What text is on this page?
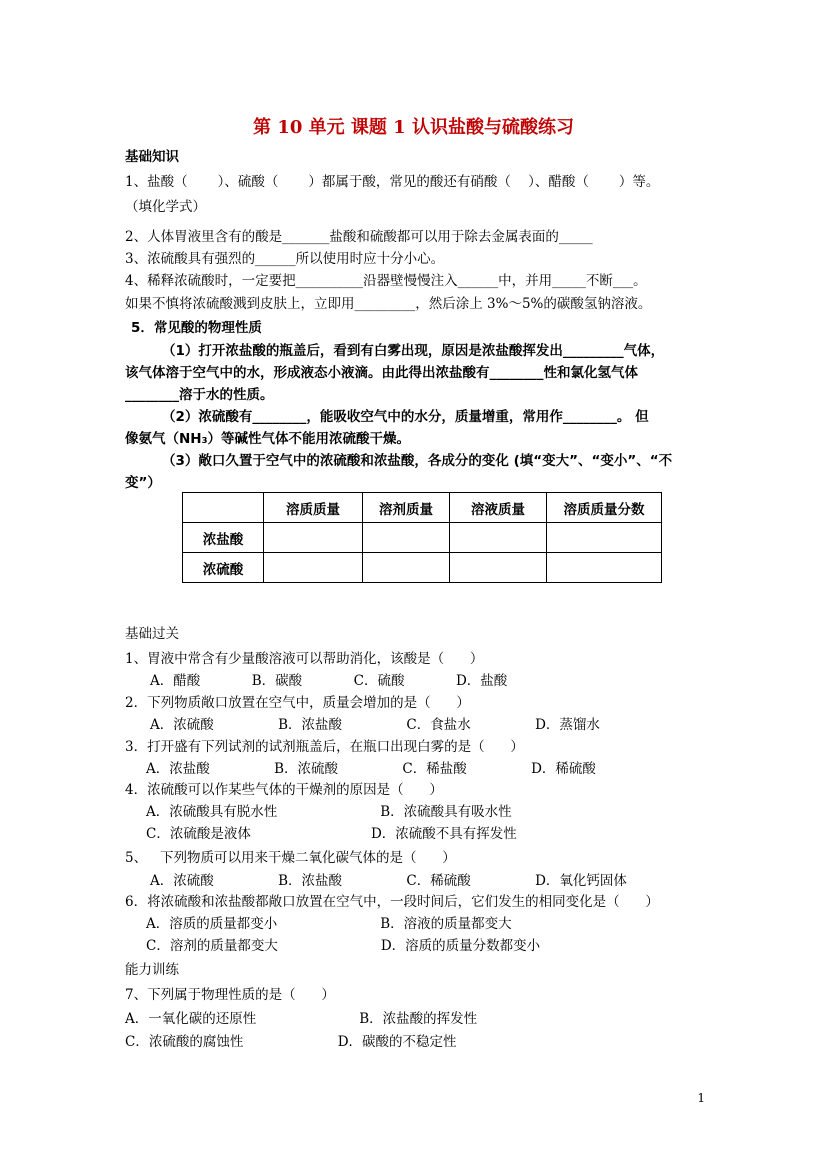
第 10 单元 课题 1 认识盐酸与硫酸练习
基础知识
1、盐酸（       ）、硫酸（       ）都属于酸，常见的酸还有硝酸（    ）、醋酸（       ）等。
（填化学式）
2、人体胃液里含有的酸是_______盐酸和硫酸都可以用于除去金属表面的_____
3、浓硫酸具有强烈的______所以使用时应十分小心。
4、稀释浓硫酸时，一定要把__________沿器壁慢慢注入______中，并用_____不断___。
如果不慎将浓硫酸溅到皮肤上，立即用_________，然后涂上 3%～5%的碳酸氢钠溶液。
5．常见酸的物理性质
（1）打开浓盐酸的瓶盖后，看到有白雾出现，原因是浓盐酸挥发出_________气体，
该气体溶于空气中的水，形成液态小液滴。由此得出浓盐酸有________性和氯化氢气体
________溶于水的性质。
（2）浓硫酸有________，能吸收空气中的水分，质量增重，常用作________。 但
像氨气（NH₃）等碱性气体不能用浓硫酸干燥。
（3）敞口久置于空气中的浓硫酸和浓盐酸，各成分的变化 (填“变大”、“变小”、“不
变”）
	溶质质量	溶剂质量	溶液质量	溶质质量分数
浓盐酸				
浓硫酸				
基础过关
1、胃液中常含有少量酸溶液可以帮助消化，该酸是（      ）
A．醋酸            B．碳酸            C．硫酸            D．盐酸
2．下列物质敞口放置在空气中，质量会增加的是（      ）
A．浓硫酸               B．浓盐酸               C．食盐水               D．蒸馏水
3．打开盛有下列试剂的试剂瓶盖后，在瓶口出现白雾的是（      ）
A．浓盐酸               B．浓硫酸               C．稀盐酸               D．稀硫酸
4．浓硫酸可以作某些气体的干燥剂的原因是（      ）
A．浓硫酸具有脱水性                        B．浓硫酸具有吸水性
C．浓硫酸是液体                            D．浓硫酸不具有挥发性
5、   下列物质可以用来干燥二氧化碳气体的是（      ）
A．浓硫酸               B．浓盐酸               C．稀硫酸               D．氧化钙固体
6．将浓硫酸和浓盐酸都敞口放置在空气中，一段时间后，它们发生的相同变化是（      ）
A．溶质的质量都变小                        B．溶液的质量都变大
C．溶剂的质量都变大                        D．溶质的质量分数都变小
能力训练
7、下列属于物理性质的是（      ）
A．一氧化碳的还原性                        B．浓盐酸的挥发性
C．浓硫酸的腐蚀性                      D．碳酸的不稳定性
1
